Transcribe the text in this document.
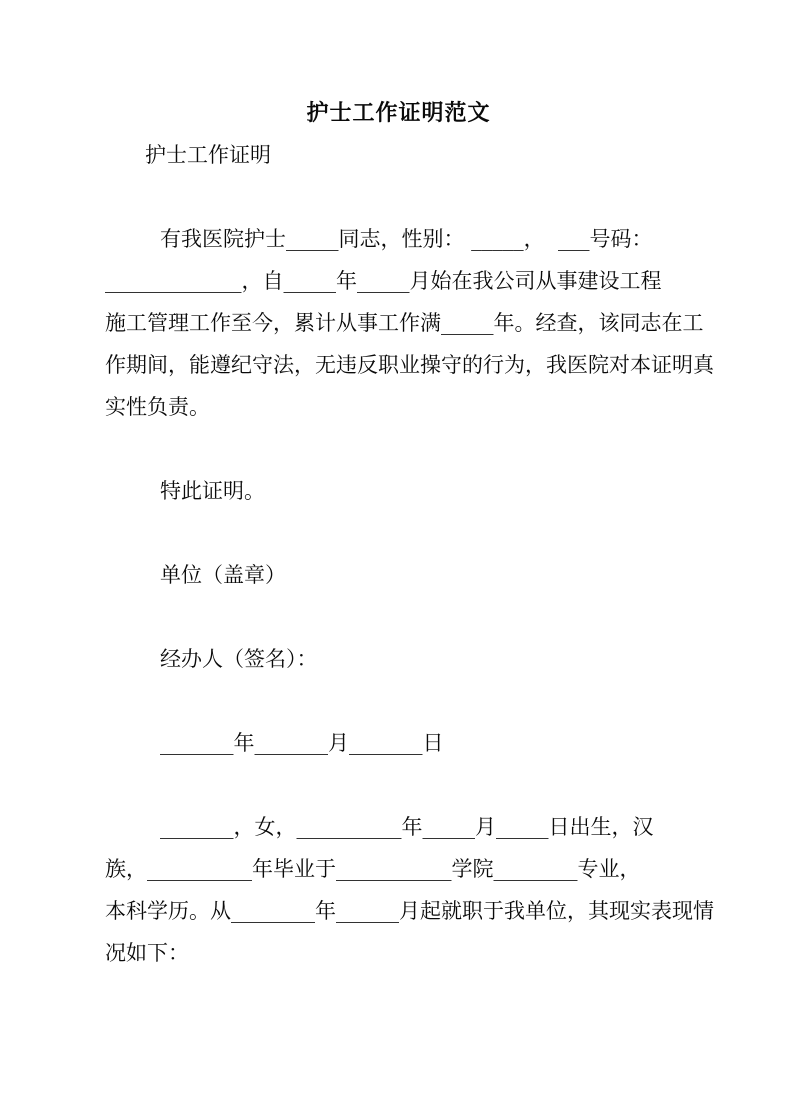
护士工作证明范文
护士工作证明
有我医院护士_____同志，性别： _____，  ___号码：
_____________，自_____年_____月始在我公司从事建设工程
施工管理工作至今，累计从事工作满_____年。经查，该同志在工
作期间，能遵纪守法，无违反职业操守的行为，我医院对本证明真
实性负责。
特此证明。
单位（盖章）
经办人（签名）：
_______年_______月_______日
_______，女，__________年_____月_____日出生，汉
族，__________年毕业于___________学院________专业，
本科学历。从________年______月起就职于我单位，其现实表现情
况如下：
